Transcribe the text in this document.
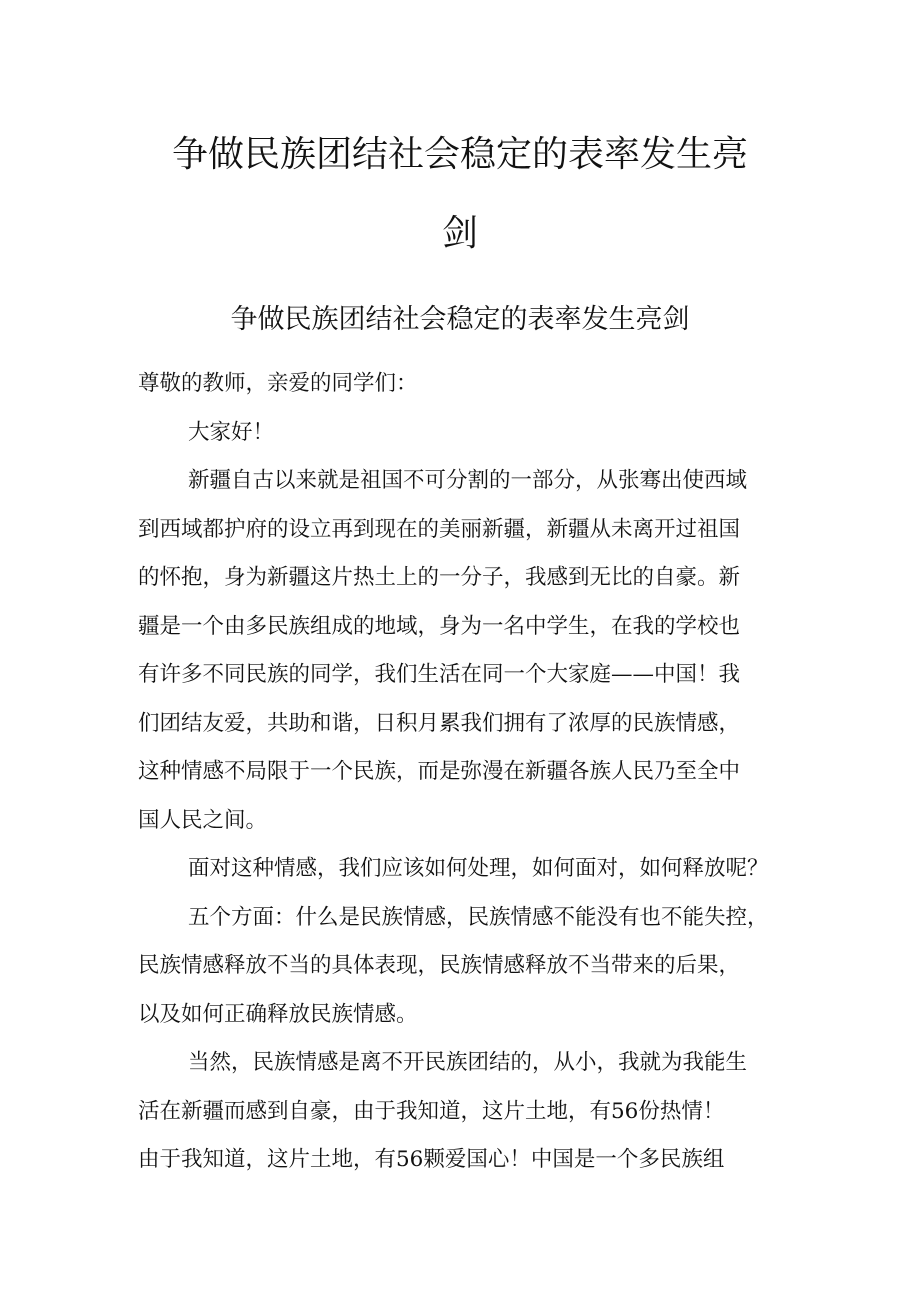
争做民族团结社会稳定的表率发生亮
剑
争做民族团结社会稳定的表率发生亮剑
尊敬的教师，亲爱的同学们：
大家好！
新疆自古以来就是祖国不可分割的一部分，从张骞出使西域
到西域都护府的设立再到现在的美丽新疆，新疆从未离开过祖国
的怀抱，身为新疆这片热土上的一分子，我感到无比的自豪。新
疆是一个由多民族组成的地域，身为一名中学生，在我的学校也
有许多不同民族的同学，我们生活在同一个大家庭——中国！我
们团结友爱，共助和谐，日积月累我们拥有了浓厚的民族情感，
这种情感不局限于一个民族，而是弥漫在新疆各族人民乃至全中
国人民之间。
面对这种情感，我们应该如何处理，如何面对，如何释放呢？
五个方面：什么是民族情感，民族情感不能没有也不能失控，
民族情感释放不当的具体表现，民族情感释放不当带来的后果，
以及如何正确释放民族情感。
当然，民族情感是离不开民族团结的，从小，我就为我能生
活在新疆而感到自豪，由于我知道，这片土地，有56份热情！
由于我知道，这片土地，有56颗爱国心！中国是一个多民族组
